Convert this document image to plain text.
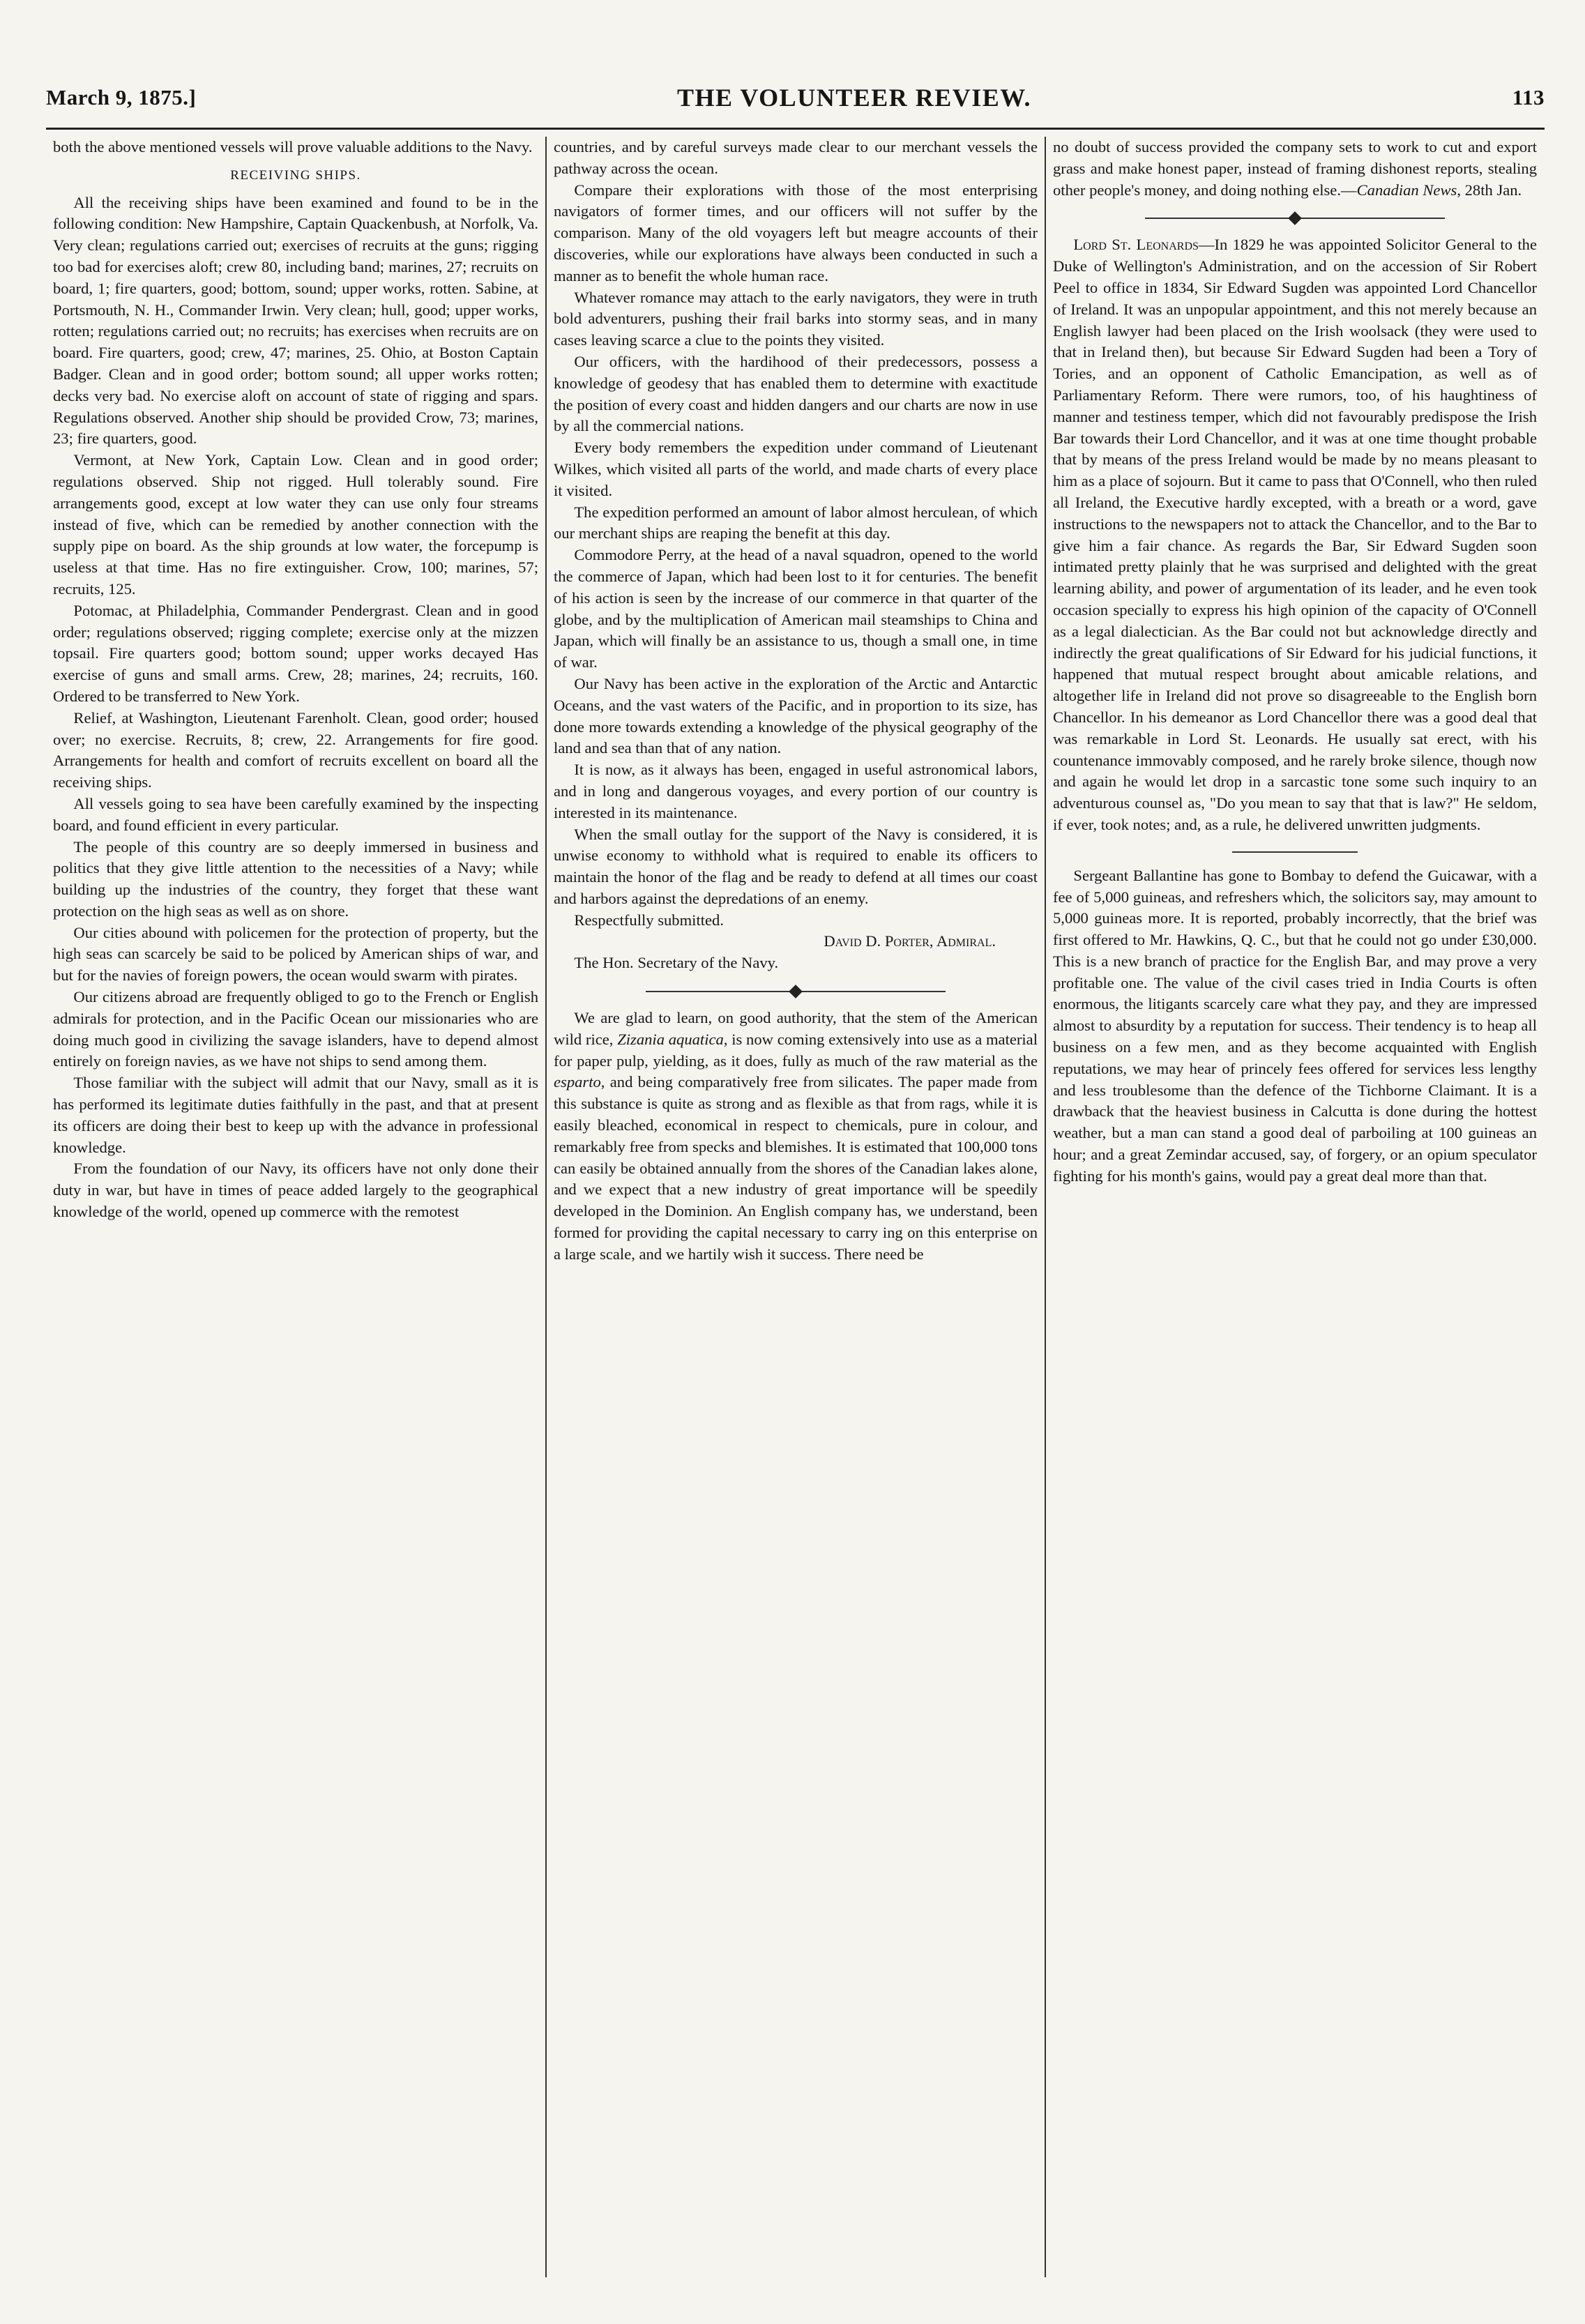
March 9, 1875.]	THE VOLUNTEER REVIEW.	113

both the above mentioned vessels will prove valuable additions to the Navy.

RECEIVING SHIPS.

All the receiving ships have been examined and found to be in the following condition: New Hampshire, Captain Quackenbush, at Norfolk, Va. Very clean; regulations carried out; exercises of recruits at the guns; rigging too bad for exercises aloft; crew 80, including band; marines, 27; recruits on board, 1; fire quarters, good; bottom, sound; upper works, rotten. Sabine, at Portsmouth, N. H., Commander Irwin. Very clean; hull, good; upper works, rotten; regulations carried out; no recruits; has exercises when recruits are on board. Fire quarters, good; crew, 47; marines, 25. Ohio, at Boston Captain Badger. Clean and in good order; bottom sound; all upper works rotten; decks very bad. No exercise aloft on account of state of rigging and spars. Regulations observed. Another ship should be provided Crow, 73; marines, 23; fire quarters, good.

Vermont, at New York, Captain Low. Clean and in good order; regulations observed. Ship not rigged. Hull tolerably sound. Fire arrangements good, except at low water they can use only four streams instead of five, which can be remedied by another connection with the supply pipe on board. As the ship grounds at low water, the forcepump is useless at that time. Has no fire extinguisher. Crow, 100; marines, 57; recruits, 125.

Potomac, at Philadelphia, Commander Pendergrast. Clean and in good order; regulations observed; rigging complete; exercise only at the mizzen topsail. Fire quarters good; bottom sound; upper works decayed Has exercise of guns and small arms. Crew, 28; marines, 24; recruits, 160. Ordered to be transferred to New York.

Relief, at Washington, Lieutenant Farenholt. Clean, good order; housed over; no exercise. Recruits, 8; crew, 22. Arrangements for fire good. Arrangements for health and comfort of recruits excellent on board all the receiving ships.

All vessels going to sea have been carefully examined by the inspecting board, and found efficient in every particular.

The people of this country are so deeply immersed in business and politics that they give little attention to the necessities of a Navy; while building up the industries of the country, they forget that these want protection on the high seas as well as on shore.

Our cities abound with policemen for the protection of property, but the high seas can scarcely be said to be policed by American ships of war, and but for the navies of foreign powers, the ocean would swarm with pirates.

Our citizens abroad are frequently obliged to go to the French or English admirals for protection, and in the Pacific Ocean our missionaries who are doing much good in civilizing the savage islanders, have to depend almost entirely on foreign navies, as we have not ships to send among them.

Those familiar with the subject will admit that our Navy, small as it is has performed its legitimate duties faithfully in the past, and that at present its officers are doing their best to keep up with the advance in professional knowledge.

From the foundation of our Navy, its officers have not only done their duty in war, but have in times of peace added largely to the geographical knowledge of the world, opened up commerce with the remotest

countries, and by careful surveys made clear to our merchant vessels the pathway across the ocean.

Compare their explorations with those of the most enterprising navigators of former times, and our officers will not suffer by the comparison. Many of the old voyagers left but meagre accounts of their discoveries, while our explorations have always been conducted in such a manner as to benefit the whole human race.

Whatever romance may attach to the early navigators, they were in truth bold adventurers, pushing their frail barks into stormy seas, and in many cases leaving scarce a clue to the points they visited.

Our officers, with the hardihood of their predecessors, possess a knowledge of geodesy that has enabled them to determine with exactitude the position of every coast and hidden dangers and our charts are now in use by all the commercial nations.

Every body remembers the expedition under command of Lieutenant Wilkes, which visited all parts of the world, and made charts of every place it visited.

The expedition performed an amount of labor almost herculean, of which our merchant ships are reaping the benefit at this day.

Commodore Perry, at the head of a naval squadron, opened to the world the commerce of Japan, which had been lost to it for centuries. The benefit of his action is seen by the increase of our commerce in that quarter of the globe, and by the multiplication of American mail steamships to China and Japan, which will finally be an assistance to us, though a small one, in time of war.

Our Navy has been active in the exploration of the Arctic and Antarctic Oceans, and the vast waters of the Pacific, and in proportion to its size, has done more towards extending a knowledge of the physical geography of the land and sea than that of any nation.

It is now, as it always has been, engaged in useful astronomical labors, and in long and dangerous voyages, and every portion of our country is interested in its maintenance.

When the small outlay for the support of the Navy is considered, it is unwise economy to withhold what is required to enable its officers to maintain the honor of the flag and be ready to defend at all times our coast and harbors against the depredations of an enemy.

Respectfully submitted.

David D. Porter, Admiral.

The Hon. Secretary of the Navy.

We are glad to learn, on good authority, that the stem of the American wild rice, Zizania aquatica, is now coming extensively into use as a material for paper pulp, yielding, as it does, fully as much of the raw material as the esparto, and being comparatively free from silicates. The paper made from this substance is quite as strong and as flexible as that from rags, while it is easily bleached, economical in respect to chemicals, pure in colour, and remarkably free from specks and blemishes. It is estimated that 100,000 tons can easily be obtained annually from the shores of the Canadian lakes alone, and we expect that a new industry of great importance will be speedily developed in the Dominion. An English company has, we understand, been formed for providing the capital necessary to carry ing on this enterprise on a large scale, and we hartily wish it success. There need be

no doubt of success provided the company sets to work to cut and export grass and make honest paper, instead of framing dishonest reports, stealing other people's money, and doing nothing else.—Canadian News, 28th Jan.

Lord St. Leonards—In 1829 he was appointed Solicitor General to the Duke of Wellington's Administration, and on the accession of Sir Robert Peel to office in 1834, Sir Edward Sugden was appointed Lord Chancellor of Ireland. It was an unpopular appointment, and this not merely because an English lawyer had been placed on the Irish woolsack (they were used to that in Ireland then), but because Sir Edward Sugden had been a Tory of Tories, and an opponent of Catholic Emancipation, as well as of Parliamentary Reform. There were rumors, too, of his haughtiness of manner and testiness temper, which did not favourably predispose the Irish Bar towards their Lord Chancellor, and it was at one time thought probable that by means of the press Ireland would be made by no means pleasant to him as a place of sojourn. But it came to pass that O'Connell, who then ruled all Ireland, the Executive hardly excepted, with a breath or a word, gave instructions to the newspapers not to attack the Chancellor, and to the Bar to give him a fair chance. As regards the Bar, Sir Edward Sugden soon intimated pretty plainly that he was surprised and delighted with the great learning ability, and power of argumentation of its leader, and he even took occasion specially to express his high opinion of the capacity of O'Connell as a legal dialectician. As the Bar could not but acknowledge directly and indirectly the great qualifications of Sir Edward for his judicial functions, it happened that mutual respect brought about amicable relations, and altogether life in Ireland did not prove so disagreeable to the English born Chancellor. In his demeanor as Lord Chancellor there was a good deal that was remarkable in Lord St. Leonards. He usually sat erect, with his countenance immovably composed, and he rarely broke silence, though now and again he would let drop in a sarcastic tone some such inquiry to an adventurous counsel as, "Do you mean to say that that is law?" He seldom, if ever, took notes; and, as a rule, he delivered unwritten judgments.

Sergeant Ballantine has gone to Bombay to defend the Guicawar, with a fee of 5,000 guineas, and refreshers which, the solicitors say, may amount to 5,000 guineas more. It is reported, probably incorrectly, that the brief was first offered to Mr. Hawkins, Q. C., but that he could not go under £30,000. This is a new branch of practice for the English Bar, and may prove a very profitable one. The value of the civil cases tried in India Courts is often enormous, the litigants scarcely care what they pay, and they are impressed almost to absurdity by a reputation for success. Their tendency is to heap all business on a few men, and as they become acquainted with English reputations, we may hear of princely fees offered for services less lengthy and less troublesome than the defence of the Tichborne Claimant. It is a drawback that the heaviest business in Calcutta is done during the hottest weather, but a man can stand a good deal of parboiling at 100 guineas an hour; and a great Zemindar accused, say, of forgery, or an opium speculator fighting for his month's gains, would pay a great deal more than that.
